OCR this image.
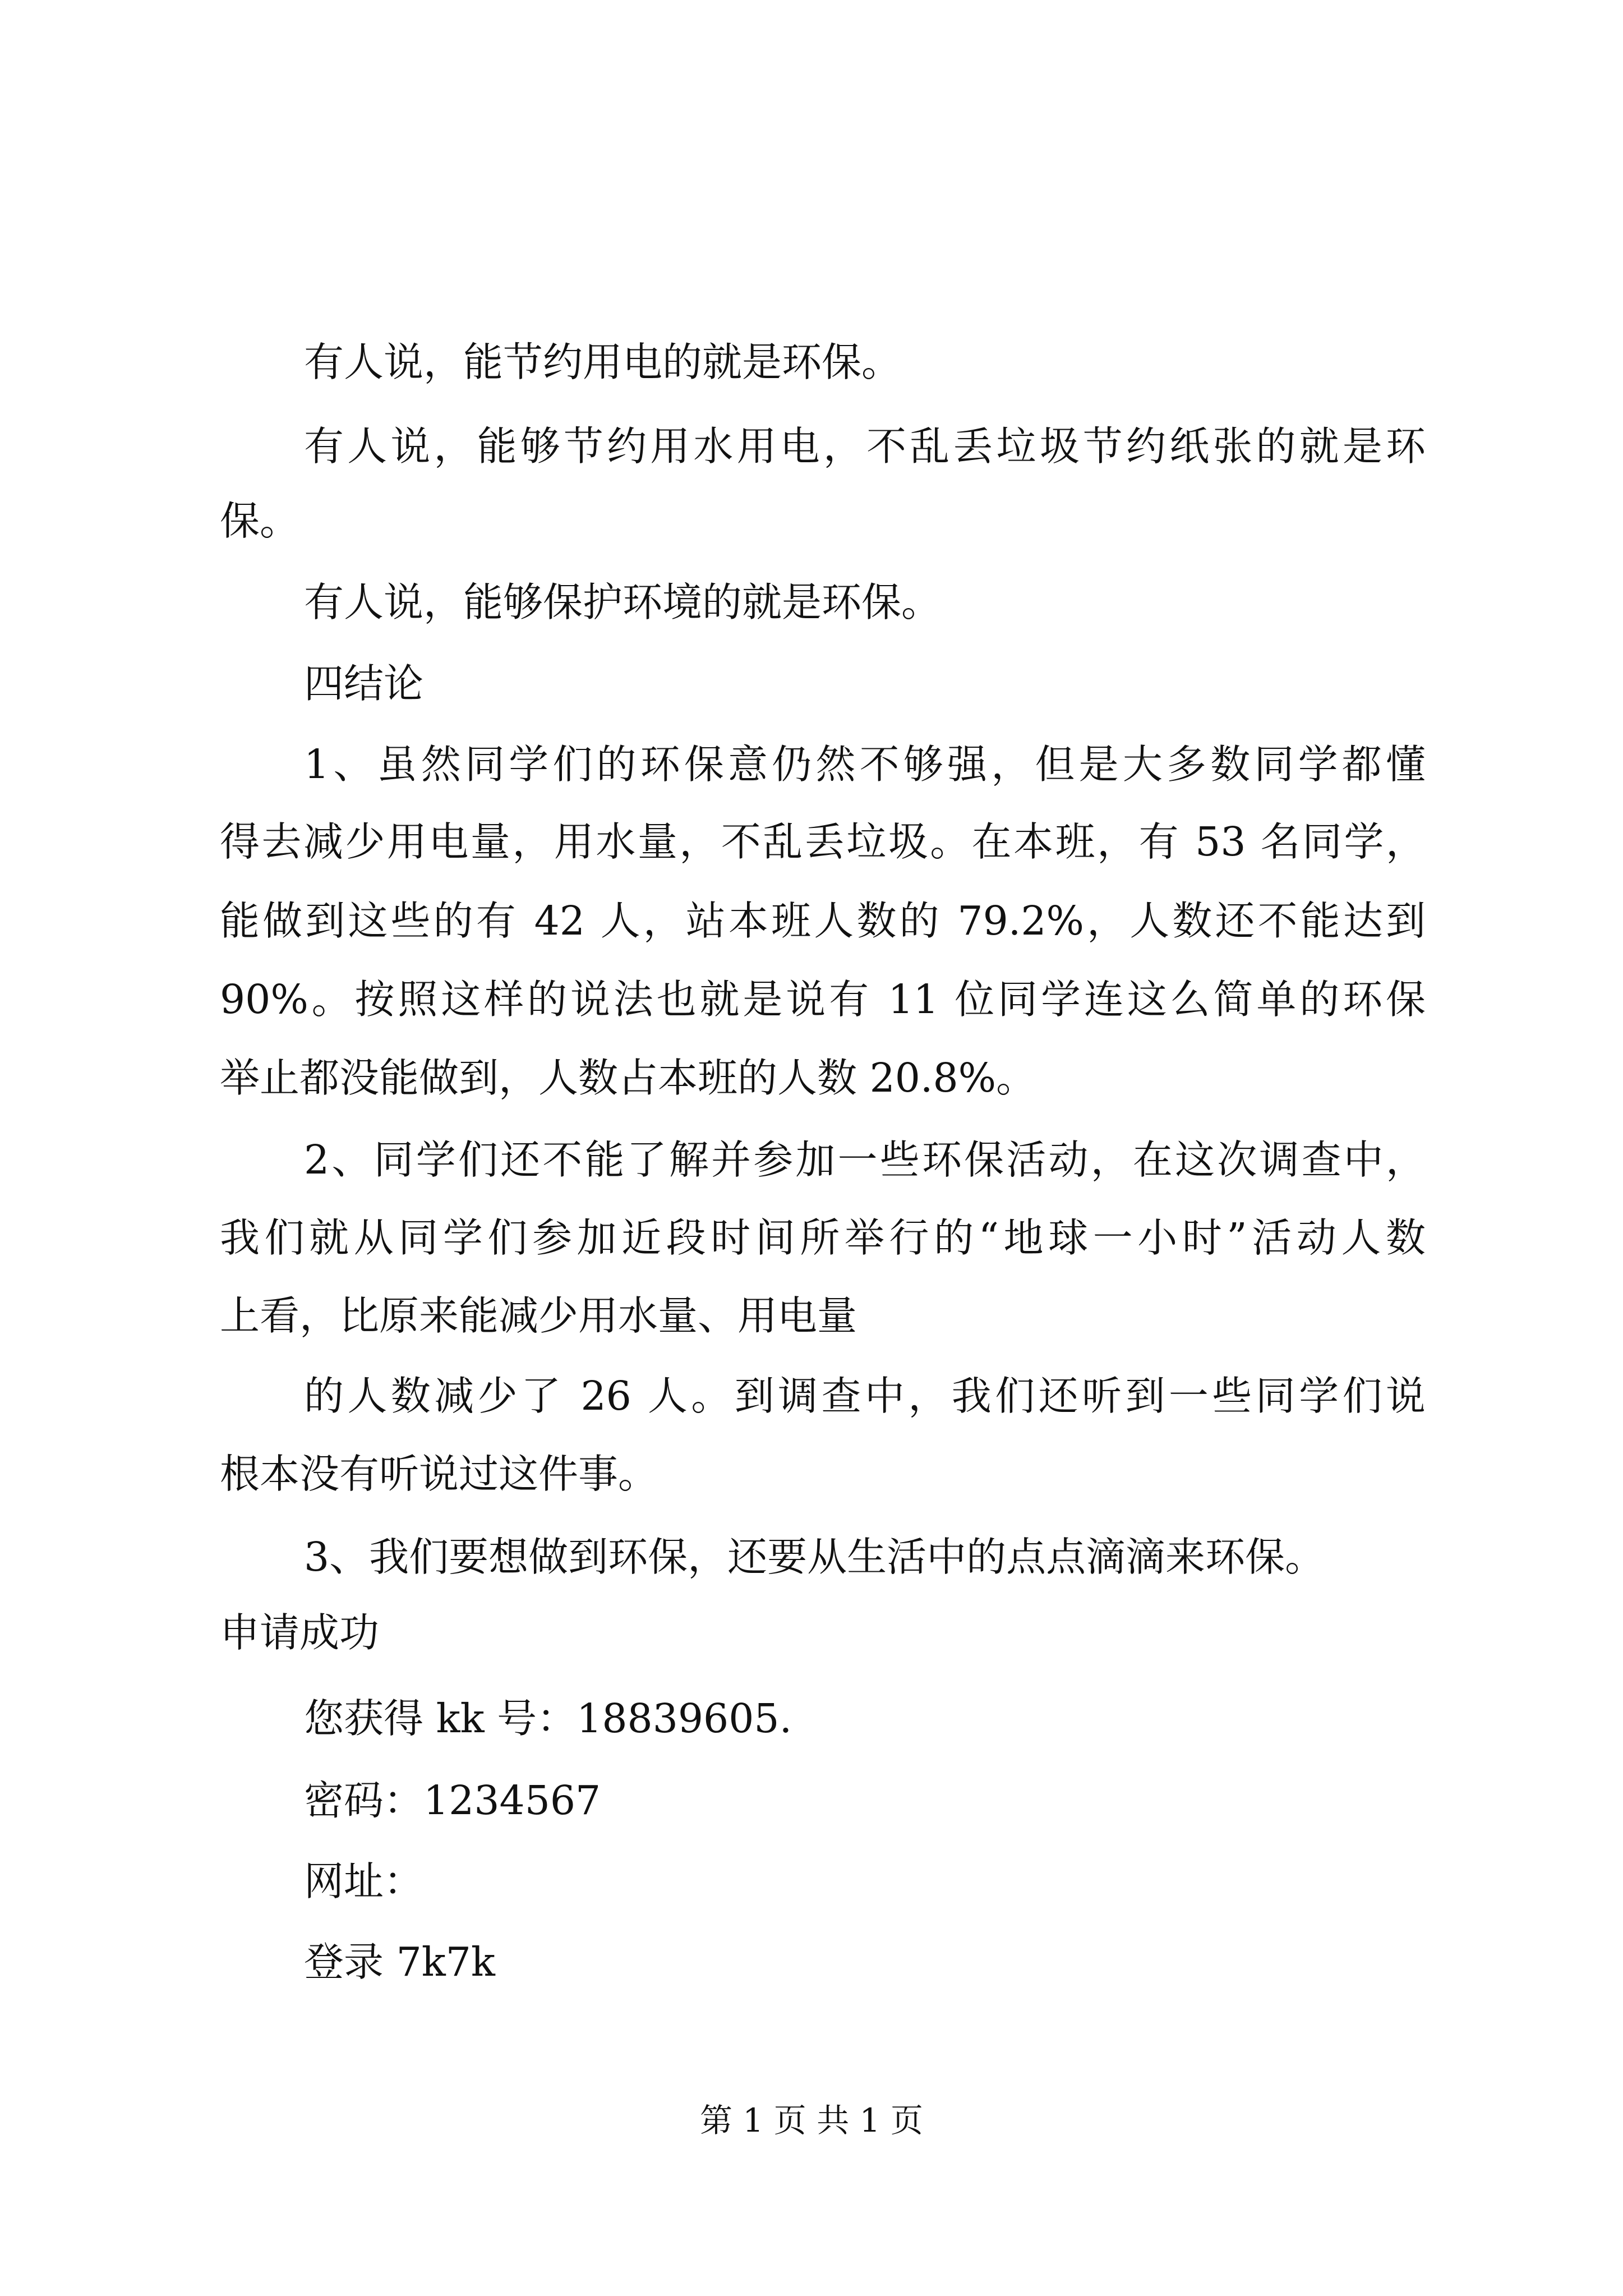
有人说，能节约用电的就是环保。

有人说，能够节约用水用电，不乱丢垃圾节约纸张的就是环

保。

有人说，能够保护环境的就是环保。

四结论

1、虽然同学们的环保意仍然不够强，但是大多数同学都懂

得去减少用电量，用水量，不乱丢垃圾。在本班，有 53 名同学，

能做到这些的有 42 人，站本班人数的 79.2%，人数还不能达到

90%。按照这样的说法也就是说有 11 位同学连这么简单的环保

举止都没能做到，人数占本班的人数 20.8%。

2、同学们还不能了解并参加一些环保活动，在这次调查中，

我们就从同学们参加近段时间所举行的“地球一小时”活动人数

上看，比原来能减少用水量、用电量

的人数减少了 26 人。到调查中，我们还听到一些同学们说

根本没有听说过这件事。

3、我们要想做到环保，还要从生活中的点点滴滴来环保。

申请成功

您获得 kk 号：18839605.

密码：1234567

网址：

登录 7k7k

第 1 页 共 1 页
